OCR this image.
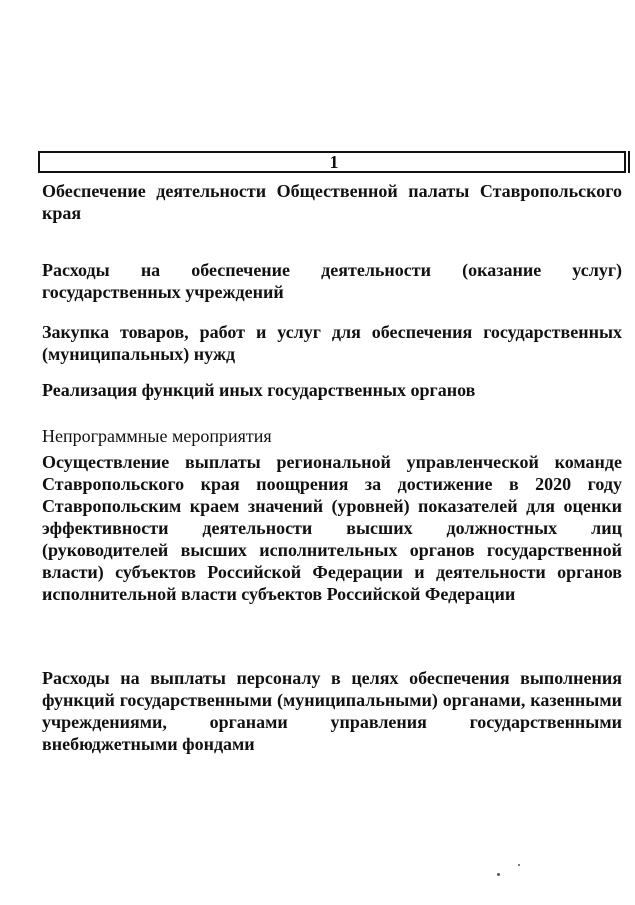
1

Обеспечение деятельности Общественной палаты Ставропольского края

Расходы на обеспечение деятельности (оказание услуг) государственных учреждений

Закупка товаров, работ и услуг для обеспечения государственных (муниципальных) нужд

Реализация функций иных государственных органов

Непрограммные мероприятия

Осуществление выплаты региональной управленческой команде Ставропольского края поощрения за достижение в 2020 году Ставропольским краем значений (уровней) показателей для оценки эффективности деятельности высших должностных лиц (руководителей высших исполнительных органов государственной власти) субъектов Российской Федерации и деятельности органов исполнительной власти субъектов Российской Федерации

Расходы на выплаты персоналу в целях обеспечения выполнения функций государственными (муниципальными) органами, казенными учреждениями, органами управления государственными внебюджетными фондами
